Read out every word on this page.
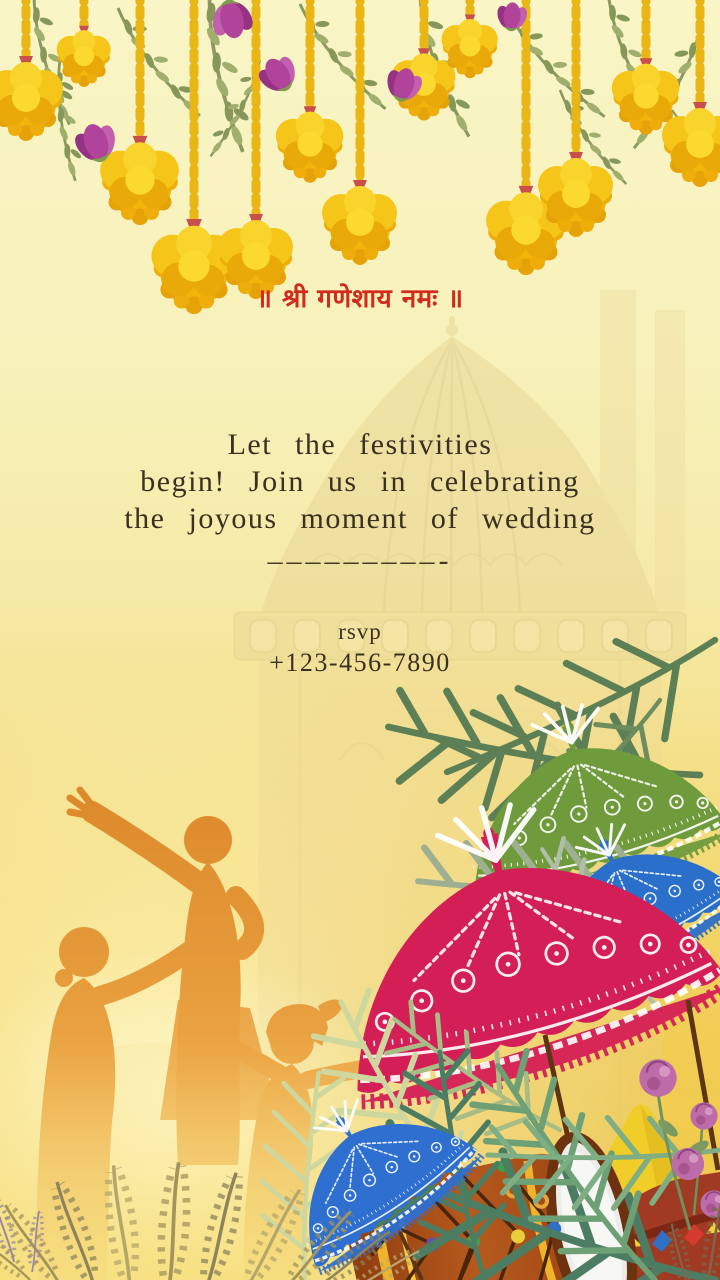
॥ श्री गणेशाय नमः ॥
Let the festivities
begin! Join us in celebrating
the joyous moment of wedding
–––––––––-
rsvp
+123-456-7890
